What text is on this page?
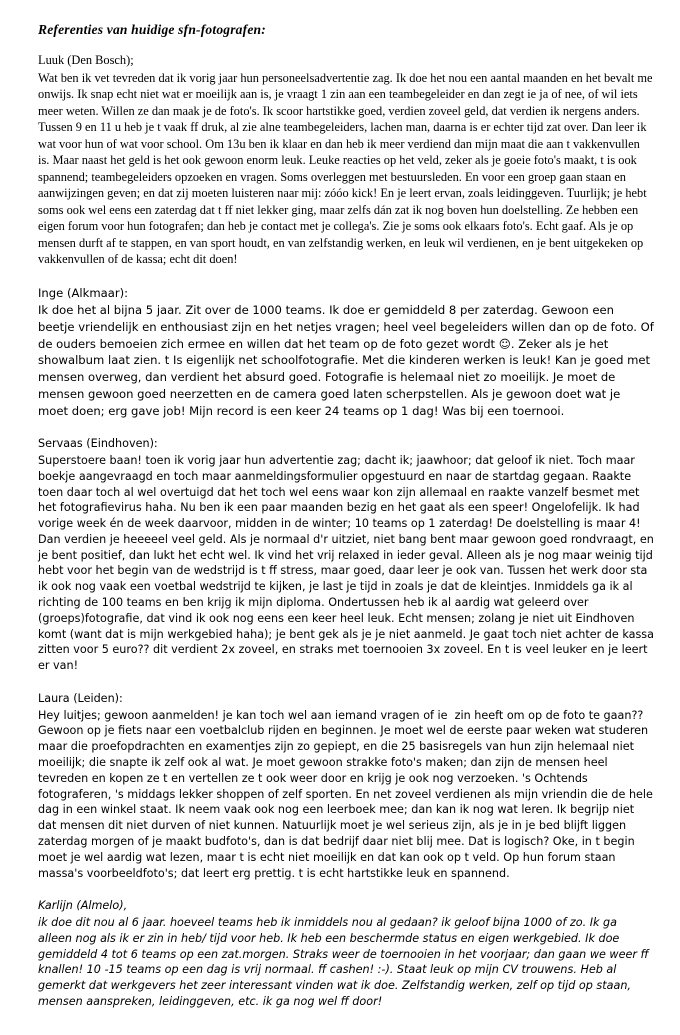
Referenties van huidige sfn-fotografen:

Luuk (Den Bosch);

Wat ben ik vet tevreden dat ik vorig jaar hun personeelsadvertentie zag. Ik doe het nou een aantal maanden en het bevalt me onwijs. Ik snap echt niet wat er moeilijk aan is, je vraagt 1 zin aan een teambegeleider en dan zegt ie ja of nee, of wil iets meer weten. Willen ze dan maak je de foto's. Ik scoor hartstikke goed, verdien zoveel geld, dat verdien ik nergens anders. Tussen 9 en 11 u heb je t vaak ff druk, al zie alne teambegeleiders, lachen man, daarna is er echter tijd zat over. Dan leer ik wat voor hun of wat voor school. Om 13u ben ik klaar en dan heb ik meer verdiend dan mijn maat die aan t vakkenvullen is. Maar naast het geld is het ook gewoon enorm leuk. Leuke reacties op het veld, zeker als je goeie foto's maakt, t is ook spannend; teambegeleiders opzoeken en vragen. Soms overleggen met bestuursleden. En voor een groep gaan staan en aanwijzingen geven; en dat zij moeten luisteren naar mij: zóóo kick! En je leert ervan, zoals leidinggeven. Tuurlijk; je hebt soms ook wel eens een zaterdag dat t ff niet lekker ging, maar zelfs dán zat ik nog boven hun doelstelling. Ze hebben een eigen forum voor hun fotografen; dan heb je contact met je collega's. Zie je soms ook elkaars foto's. Echt gaaf. Als je op mensen durft af te stappen, en van sport houdt, en van zelfstandig werken, en leuk wil verdienen, en je bent uitgekeken op vakkenvullen of de kassa; echt dit doen!

Inge (Alkmaar):

Ik doe het al bijna 5 jaar. Zit over de 1000 teams. Ik doe er gemiddeld 8 per zaterdag. Gewoon een beetje vriendelijk en enthousiast zijn en het netjes vragen; heel veel begeleiders willen dan op de foto. Of de ouders bemoeien zich ermee en willen dat het team op de foto gezet wordt ☺. Zeker als je het showalbum laat zien. t Is eigenlijk net schoolfotografie. Met die kinderen werken is leuk! Kan je goed met mensen overweg, dan verdient het absurd goed. Fotografie is helemaal niet zo moeilijk. Je moet de mensen gewoon goed neerzetten en de camera goed laten scherpstellen. Als je gewoon doet wat je moet doen; erg gave job! Mijn record is een keer 24 teams op 1 dag! Was bij een toernooi.

Servaas (Eindhoven):

Superstoere baan! toen ik vorig jaar hun advertentie zag; dacht ik; jaawhoor; dat geloof ik niet. Toch maar boekje aangevraagd en toch maar aanmeldingsformulier opgestuurd en naar de startdag gegaan. Raakte toen daar toch al wel overtuigd dat het toch wel eens waar kon zijn allemaal en raakte vanzelf besmet met het fotografievirus haha. Nu ben ik een paar maanden bezig en het gaat als een speer! Ongelofelijk. Ik had vorige week én de week daarvoor, midden in de winter; 10 teams op 1 zaterdag! De doelstelling is maar 4! Dan verdien je heeeeel veel geld. Als je normaal d'r uitziet, niet bang bent maar gewoon goed rondvraagt, en je bent positief, dan lukt het echt wel. Ik vind het vrij relaxed in ieder geval. Alleen als je nog maar weinig tijd hebt voor het begin van de wedstrijd is t ff stress, maar goed, daar leer je ook van. Tussen het werk door sta ik ook nog vaak een voetbal wedstrijd te kijken, je last je tijd in zoals je dat de kleintjes. Inmiddels ga ik al richting de 100 teams en ben krijg ik mijn diploma. Ondertussen heb ik al aardig wat geleerd over (groeps)fotografie, dat vind ik ook nog eens een keer heel leuk. Echt mensen; zolang je niet uit Eindhoven komt (want dat is mijn werkgebied haha); je bent gek als je je niet aanmeld. Je gaat toch niet achter de kassa zitten voor 5 euro?? dit verdient 2x zoveel, en straks met toernooien 3x zoveel. En t is veel leuker en je leert er van!

Laura (Leiden):

Hey luitjes; gewoon aanmelden! je kan toch wel aan iemand vragen of ie  zin heeft om op de foto te gaan?? Gewoon op je fiets naar een voetbalclub rijden en beginnen. Je moet wel de eerste paar weken wat studeren maar die proefopdrachten en examentjes zijn zo gepiept, en die 25 basisregels van hun zijn helemaal niet moeilijk; die snapte ik zelf ook al wat. Je moet gewoon strakke foto's maken; dan zijn de mensen heel tevreden en kopen ze t en vertellen ze t ook weer door en krijg je ook nog verzoeken. 's Ochtends fotograferen, 's middags lekker shoppen of zelf sporten. En net zoveel verdienen als mijn vriendin die de hele dag in een winkel staat. Ik neem vaak ook nog een leerboek mee; dan kan ik nog wat leren. Ik begrijp niet dat mensen dit niet durven of niet kunnen. Natuurlijk moet je wel serieus zijn, als je in je bed blijft liggen zaterdag morgen of je maakt budfoto's, dan is dat bedrijf daar niet blij mee. Dat is logisch? Oke, in t begin moet je wel aardig wat lezen, maar t is echt niet moeilijk en dat kan ook op t veld. Op hun forum staan massa's voorbeeldfoto's; dat leert erg prettig. t is echt hartstikke leuk en spannend.

Karlijn (Almelo),

ik doe dit nou al 6 jaar. hoeveel teams heb ik inmiddels nou al gedaan? ik geloof bijna 1000 of zo. Ik ga alleen nog als ik er zin in heb/ tijd voor heb. Ik heb een beschermde status en eigen werkgebied. Ik doe gemiddeld 4 tot 6 teams op een zat.morgen. Straks weer de toernooien in het voorjaar; dan gaan we weer ff knallen! 10 -15 teams op een dag is vrij normaal. ff cashen! :-). Staat leuk op mijn CV trouwens. Heb al gemerkt dat werkgevers het zeer interessant vinden wat ik doe. Zelfstandig werken, zelf op tijd op staan, mensen aanspreken, leidinggeven, etc. ik ga nog wel ff door!
